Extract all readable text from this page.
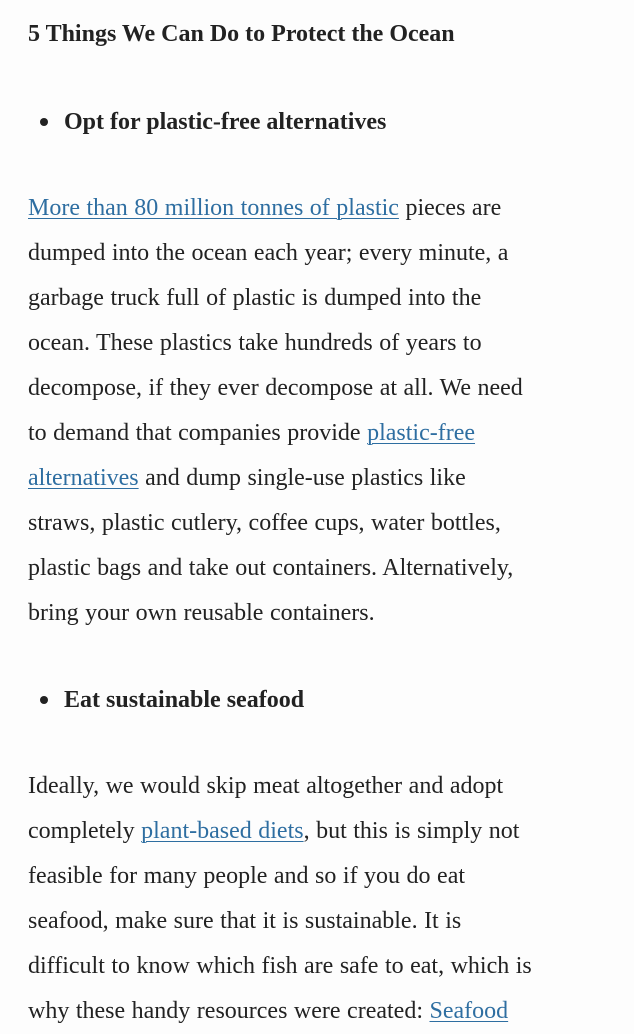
5 Things We Can Do to Protect the Ocean
Opt for plastic-free alternatives

More than 80 million tonnes of plastic pieces are
dumped into the ocean each year; every minute, a
garbage truck full of plastic is dumped into the
ocean. These plastics take hundreds of years to
decompose, if they ever decompose at all. We need
to demand that companies provide plastic-free
alternatives and dump single-use plastics like
straws, plastic cutlery, coffee cups, water bottles,
plastic bags and take out containers. Alternatively,
bring your own reusable containers.

Eat sustainable seafood

Ideally, we would skip meat altogether and adopt
completely plant-based diets, but this is simply not
feasible for many people and so if you do eat
seafood, make sure that it is sustainable. It is
difficult to know which fish are safe to eat, which is
why these handy resources were created: Seafood
